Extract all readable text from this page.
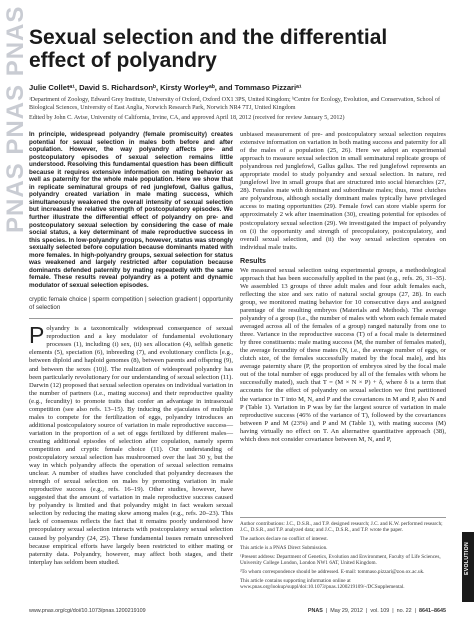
PNAS PNAS PNAS Sexual selection and the differential effect of polyandry
Julie Colletᵃ¹, David S. Richardsonᵇ, Kirsty Worleyᵃᵇ, and Tommaso Pizzariᵃ¹
ᵃDepartment of Zoology, Edward Grey Institute, University of Oxford, Oxford OX1 3PS, United Kingdom; ᵇCentre for Ecology, Evolution, and Conservation, School of Biological Sciences, University of East Anglia, Norwich Research Park, Norwich NR4 7TJ, United Kingdom
Edited by John C. Avise, University of California, Irvine, CA, and approved April 18, 2012 (received for review January 5, 2012)
In principle, widespread polyandry (female promiscuity) creates potential for sexual selection in males both before and after copulation. However, the way polyandry affects pre- and postcopulatory episodes of sexual selection remains little understood. Resolving this fundamental question has been difficult because it requires extensive information on mating behavior as well as paternity for the whole male population. Here we show that in replicate seminatural groups of red junglefowl, Gallus gallus, polyandry created variation in male mating success, which simultaneously weakened the overall intensity of sexual selection but increased the relative strength of postcopulatory episodes. We further illustrate the differential effect of polyandry on pre- and postcopulatory sexual selection by considering the case of male social status, a key determinant of male reproductive success in this species. In low-polyandry groups, however, status was strongly sexually selected before copulation because dominants mated with more females. In high-polyandry groups, sexual selection for status was weakened and largely restricted after copulation because dominants defended paternity by mating repeatedly with the same female. These results reveal polyandry as a potent and dynamic modulator of sexual selection episodes.
cryptic female choice | sperm competition | selection gradient | opportunity of selection
P olyandry is a taxonomically widespread consequence of sexual reproduction and a key modulator of fundamental evolutionary processes (1), including (i) sex, (ii) sex allocation (4), selfish genetic elements (5), speciation (6), inbreeding (7), and evolutionary conflicts [e.g., between diploid and haploid genomes (8), between parents and offspring (9), and between the sexes (10)]. The realization of widespread polyandry has been particularly revolutionary for our understanding of sexual selection (11). Darwin (12) proposed that sexual selection operates on individual variation in the number of partners (i.e., mating success) and their reproductive quality (e.g., fecundity) to promote traits that confer an advantage in intrasexual competition (see also refs. 13–15). By inducing the ejaculates of multiple males to compete for the fertilization of eggs, polyandry introduces an additional postcopulatory source of variation in male reproductive success—variation in the proportion of a set of eggs fertilized by different males—creating additional episodes of selection after copulation, namely sperm competition and cryptic female choice (11). Our understanding of postcopulatory sexual selection has mushroomed over the last 30 y, but the way in which polyandry affects the operation of sexual selection remains unclear. A number of studies have concluded that polyandry decreases the strength of sexual selection on males by promoting variation in male reproductive success (e.g., refs. 16–19). Other studies, however, have suggested that the amount of variation in male reproductive success caused by polyandry is limited and that polyandry might in fact weaken sexual selection by reducing the mating skew among males (e.g., refs. 20–23). This lack of consensus reflects the fact that it remains poorly understood how precopulatory sexual selection interacts with postcopulatory sexual selection caused by polyandry (24, 25). These fundamental issues remain unresolved because empirical efforts have largely been restricted to either mating or paternity data. Polyandry, however, may affect both stages, and their interplay has seldom been studied.
unbiased measurement of pre- and postcopulatory sexual selection requires extensive information on variation in both mating success and paternity for all of the males of a population (25, 26). Here we adopt an experimental approach to measure sexual selection in small seminatural replicate groups of polyandrous red junglefowl, Gallus gallus. The red junglefowl represents an appropriate model to study polyandry and sexual selection. In nature, red junglefowl live in small groups that are structured into social hierarchies (27, 28). Females mate with dominant and subordinate males; thus, most clutches are polyandrous, although socially dominant males typically have privileged access to mating opportunities (29). Female fowl can store viable sperm for approximately 2 wk after insemination (30), creating potential for episodes of postcopulatory sexual selection (29). We investigated the impact of polyandry on (i) the opportunity and strength of precopulatory, postcopulatory, and overall sexual selection, and (ii) the way sexual selection operates on individual male traits.
Results
We measured sexual selection using experimental groups, a methodological approach that has been successfully applied in the past (e.g., refs. 26, 31–35). We assembled 13 groups of three adult males and four adult females each, reflecting the size and sex ratio of natural social groups (27, 28). In each group, we monitored mating behavior for 10 consecutive days and assigned parentage of the resulting embryos (Materials and Methods). The average polyandry of a group (i.e., the number of males with whom each female mated averaged across all of the females of a group) ranged naturally from one to three. Variance in the reproductive success (T) of a focal male is determined by three constituents: male mating success (M, the number of females mated), the average fecundity of these mates (N, i.e., the average number of eggs, or clutch size, of the females successfully mated by the focal male), and his average paternity share (P, the proportion of embryos sired by the focal male out of the total number of eggs produced by all of the females with whom he successfully mated), such that T = (M × N × P) + δ, where δ is a term that accounts for the effect of polyandry on sexual selection we first partitioned the variance in T into M, N, and P and the covariances in M and P, also N and P (Table 1). Variation in P was by far the largest source of variation in male reproductive success (46% of the variance of T), followed by the covariances between P and M (23%) and P and M (Table 1), with mating success (M) having virtually no effect on T. An alternative quantitative approach (38), which does not consider covariance between M, N, and P,

Author contributions: J.C., D.S.R., and T.P. designed research; J.C. and K.W. performed research; J.C., D.S.R., and T.P. analyzed data; and J.C., D.S.R., and T.P. wrote the paper.

The authors declare no conflict of interest.

This article is a PNAS Direct Submission.

¹Present address: Department of Genetics, Evolution and Environment, Faculty of Life Sciences, University College London, London NW1 6AT, United Kingdom.

²To whom correspondence should be addressed. E-mail: tommaso.pizzari@zoo.ox.ac.uk.

This article contains supporting information online at www.pnas.org/lookup/suppl/doi:10.1073/pnas.1200219109/-/DCSupplemental.

EVOLUTION
www.pnas.org/cgi/doi/10.1073/pnas.1200219109	PNAS  |  May 29, 2012  |  vol. 109  |  no. 22  |  8641–8645
